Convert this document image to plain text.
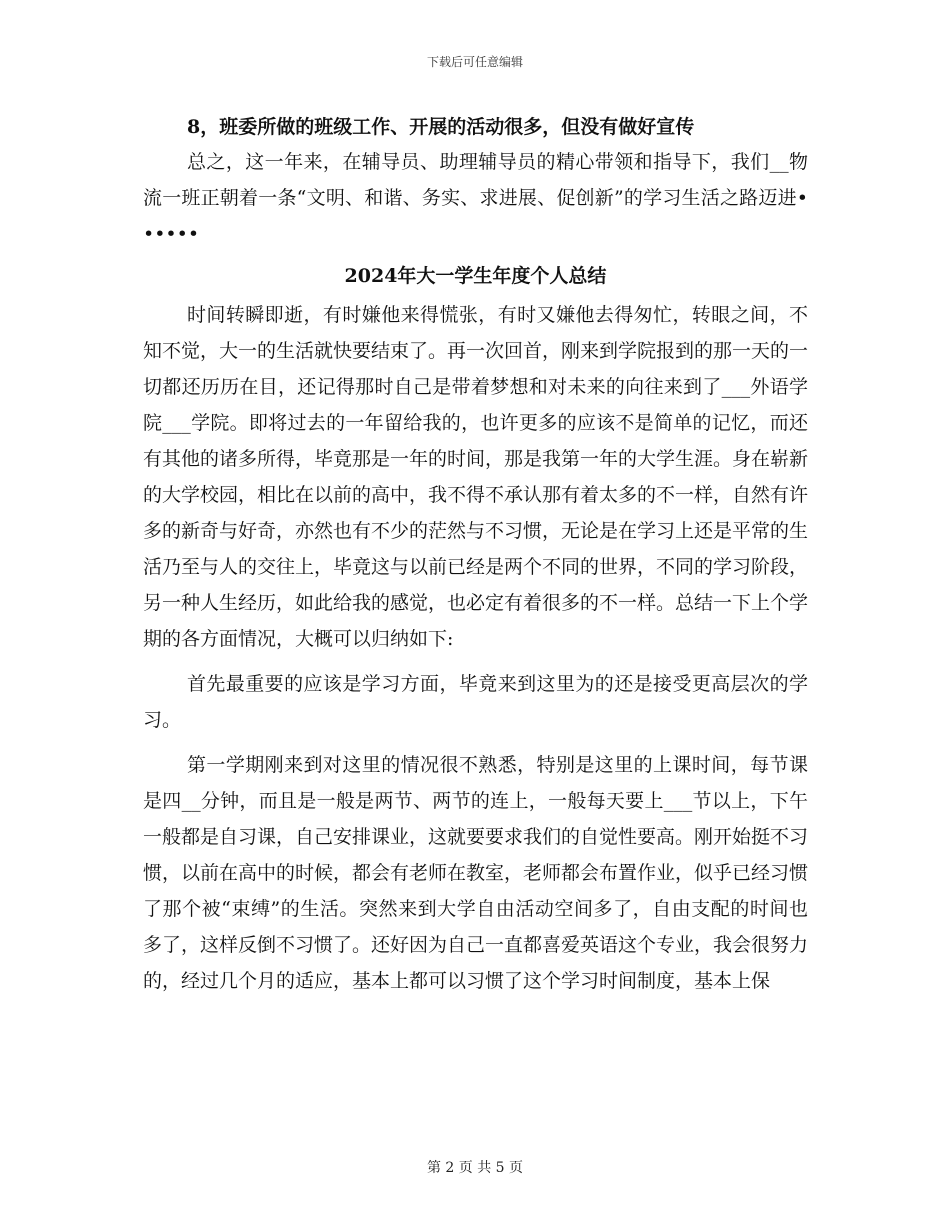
下载后可任意编辑

8，班委所做的班级工作、开展的活动很多，但没有做好宣传

总之，这一年来，在辅导员、助理辅导员的精心带领和指导下，我们__物流一班正朝着一条“文明、和谐、务实、求进展、促创新”的学习生活之路迈进••••••

2024年大一学生年度个人总结

时间转瞬即逝，有时嫌他来得慌张，有时又嫌他去得匆忙，转眼之间，不知不觉，大一的生活就快要结束了。再一次回首，刚来到学院报到的那一天的一切都还历历在目，还记得那时自己是带着梦想和对未来的向往来到了___外语学院___学院。即将过去的一年留给我的，也许更多的应该不是简单的记忆，而还有其他的诸多所得，毕竟那是一年的时间，那是我第一年的大学生涯。身在崭新的大学校园，相比在以前的高中，我不得不承认那有着太多的不一样，自然有许多的新奇与好奇，亦然也有不少的茫然与不习惯，无论是在学习上还是平常的生活乃至与人的交往上，毕竟这与以前已经是两个不同的世界，不同的学习阶段，另一种人生经历，如此给我的感觉，也必定有着很多的不一样。总结一下上个学期的各方面情况，大概可以归纳如下:

首先最重要的应该是学习方面，毕竟来到这里为的还是接受更高层次的学习。

第一学期刚来到对这里的情况很不熟悉，特别是这里的上课时间，每节课是四__分钟，而且是一般是两节、两节的连上，一般每天要上___节以上，下午一般都是自习课，自己安排课业，这就要要求我们的自觉性要高。刚开始挺不习惯，以前在高中的时候，都会有老师在教室，老师都会布置作业，似乎已经习惯了那个被“束缚”的生活。突然来到大学自由活动空间多了，自由支配的时间也多了，这样反倒不习惯了。还好因为自己一直都喜爱英语这个专业，我会很努力的，经过几个月的适应，基本上都可以习惯了这个学习时间制度，基本上保

第 2 页 共 5 页
